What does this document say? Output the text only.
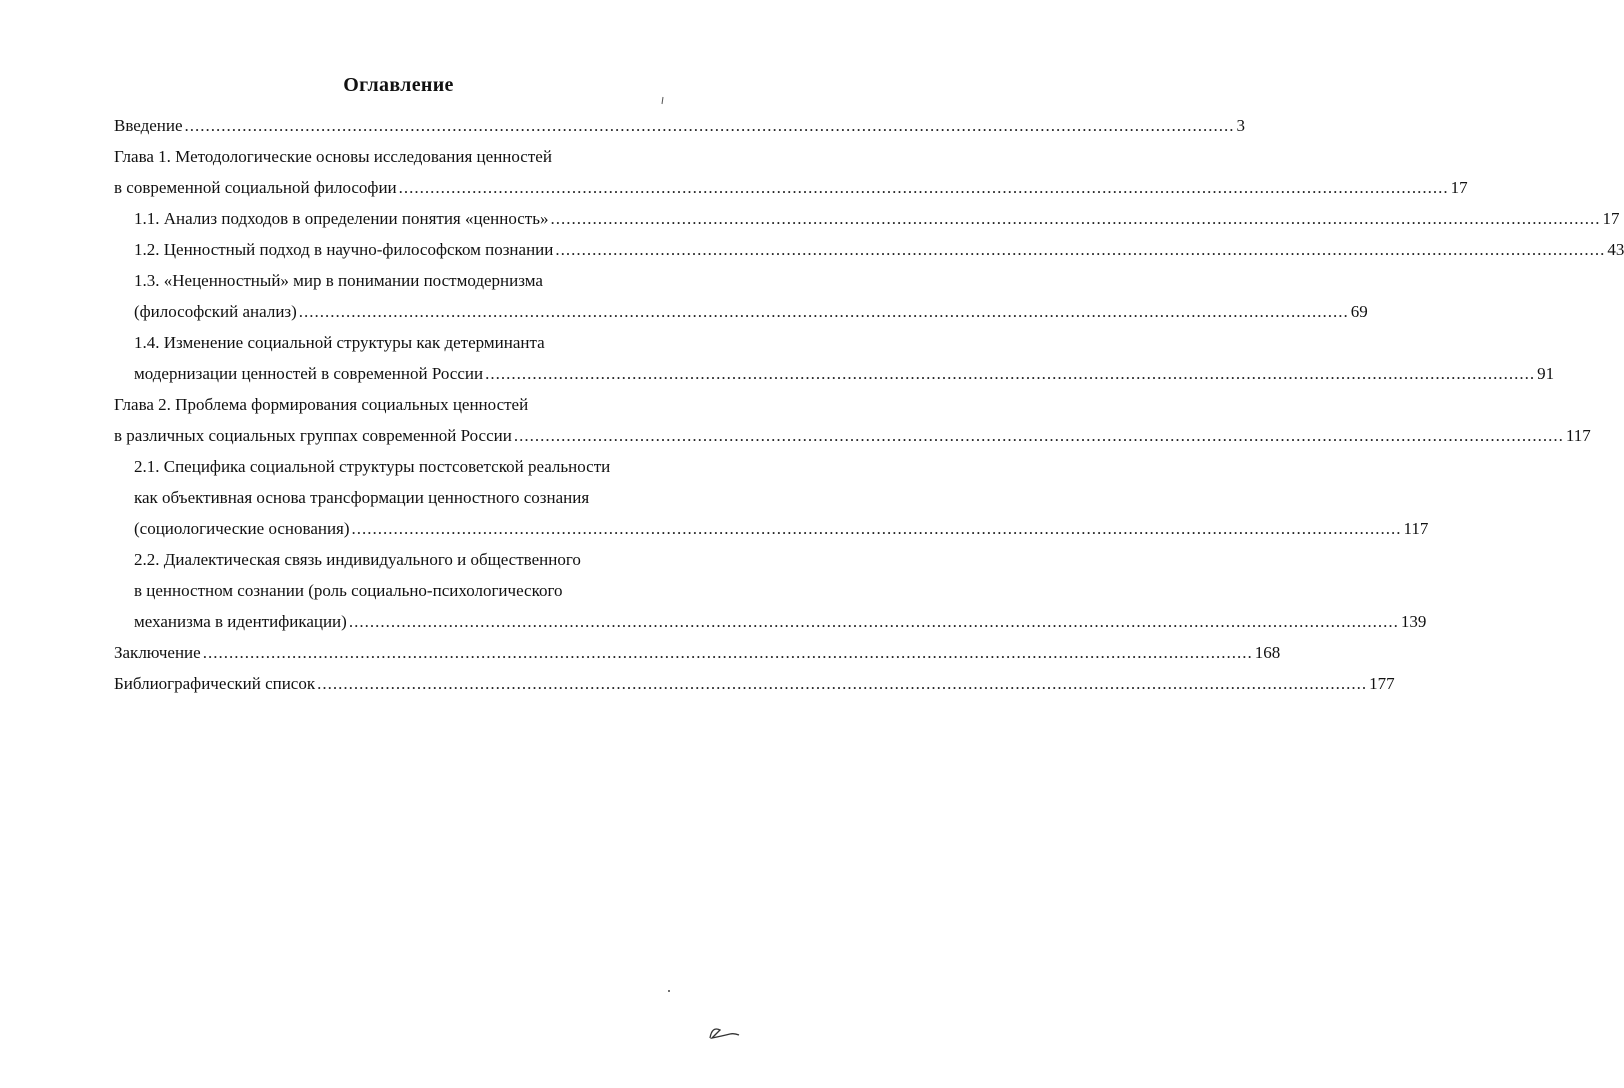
Оглавление
Введение ........................................................................................................................................................................................................ 3
Глава 1. Методологические основы исследования ценностей
в современной социальной философии ........................................................................................................................................................................................................ 17
1.1. Анализ подходов в определении понятия «ценность» ........................................................................................................................................................................................................ 17
1.2. Ценностный подход в научно-философском познании ........................................................................................................................................................................................................ 43
1.3. «Неценностный» мир в понимании постмодернизма
(философский анализ) ........................................................................................................................................................................................................ 69
1.4. Изменение социальной структуры как детерминанта
модернизации ценностей в современной России ........................................................................................................................................................................................................ 91
Глава 2. Проблема формирования социальных ценностей
в различных социальных группах современной России ........................................................................................................................................................................................................ 117
2.1. Специфика социальной структуры постсоветской реальности
как объективная основа трансформации ценностного сознания
(социологические основания) ........................................................................................................................................................................................................ 117
2.2. Диалектическая связь индивидуального и общественного
в ценностном сознании (роль социально-психологического
механизма в идентификации) ........................................................................................................................................................................................................ 139
Заключение ........................................................................................................................................................................................................ 168
Библиографический список ........................................................................................................................................................................................................ 177
